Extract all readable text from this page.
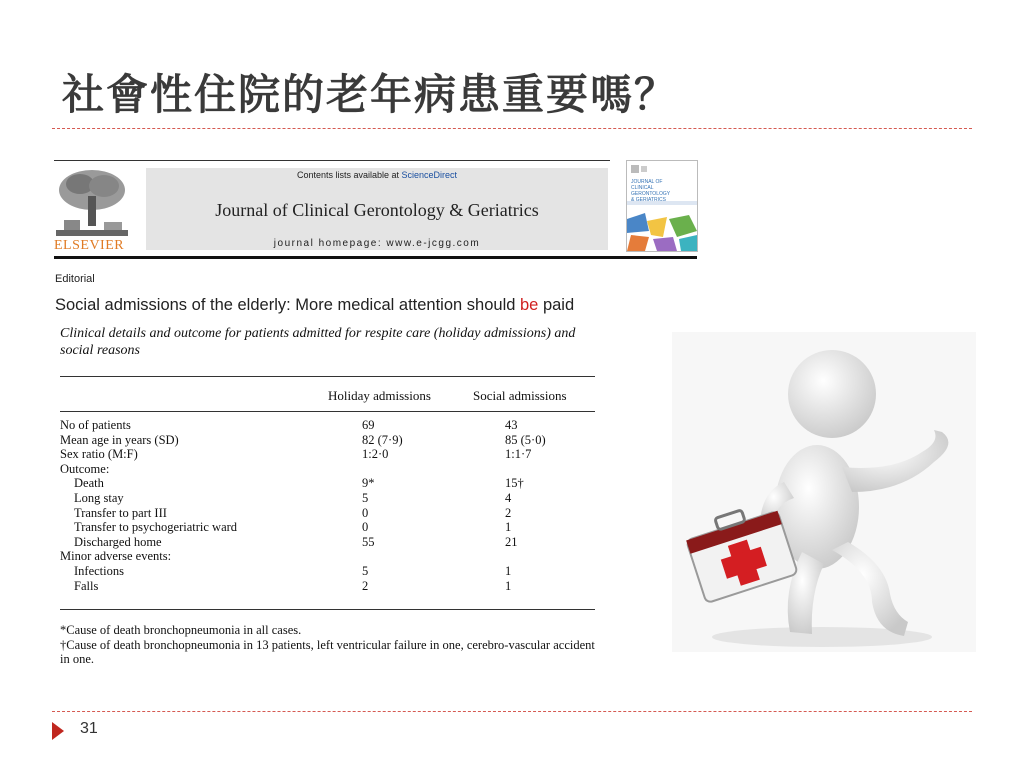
社會性住院的老年病患重要嗎？
ELSEVIER
Contents lists available at ScienceDirect
Journal of Clinical Gerontology & Geriatrics
journal homepage: www.e-jcgg.com
JOURNAL OF
CLINICAL
GERONTOLOGY
& GERIATRICS
Editorial
Social admissions of the elderly: More medical attention should be paid
Clinical details and outcome for patients admitted for respite care (holiday admissions) and social reasons
Holiday admissions	Social admissions
No of patients	69	43
Mean age in years (SD)	82 (7·9)	85 (5·0)
Sex ratio (M:F)	1:2·0	1:1·7
Outcome:
Death	9*	15†
Long stay	5	4
Transfer to part III	0	2
Transfer to psychogeriatric ward	0	1
Discharged home	55	21
Minor adverse events:
Infections	5	1
Falls	2	1
*Cause of death bronchopneumonia in all cases.
†Cause of death bronchopneumonia in 13 patients, left ventricular failure in one, cerebro-vascular accident in one.
31
